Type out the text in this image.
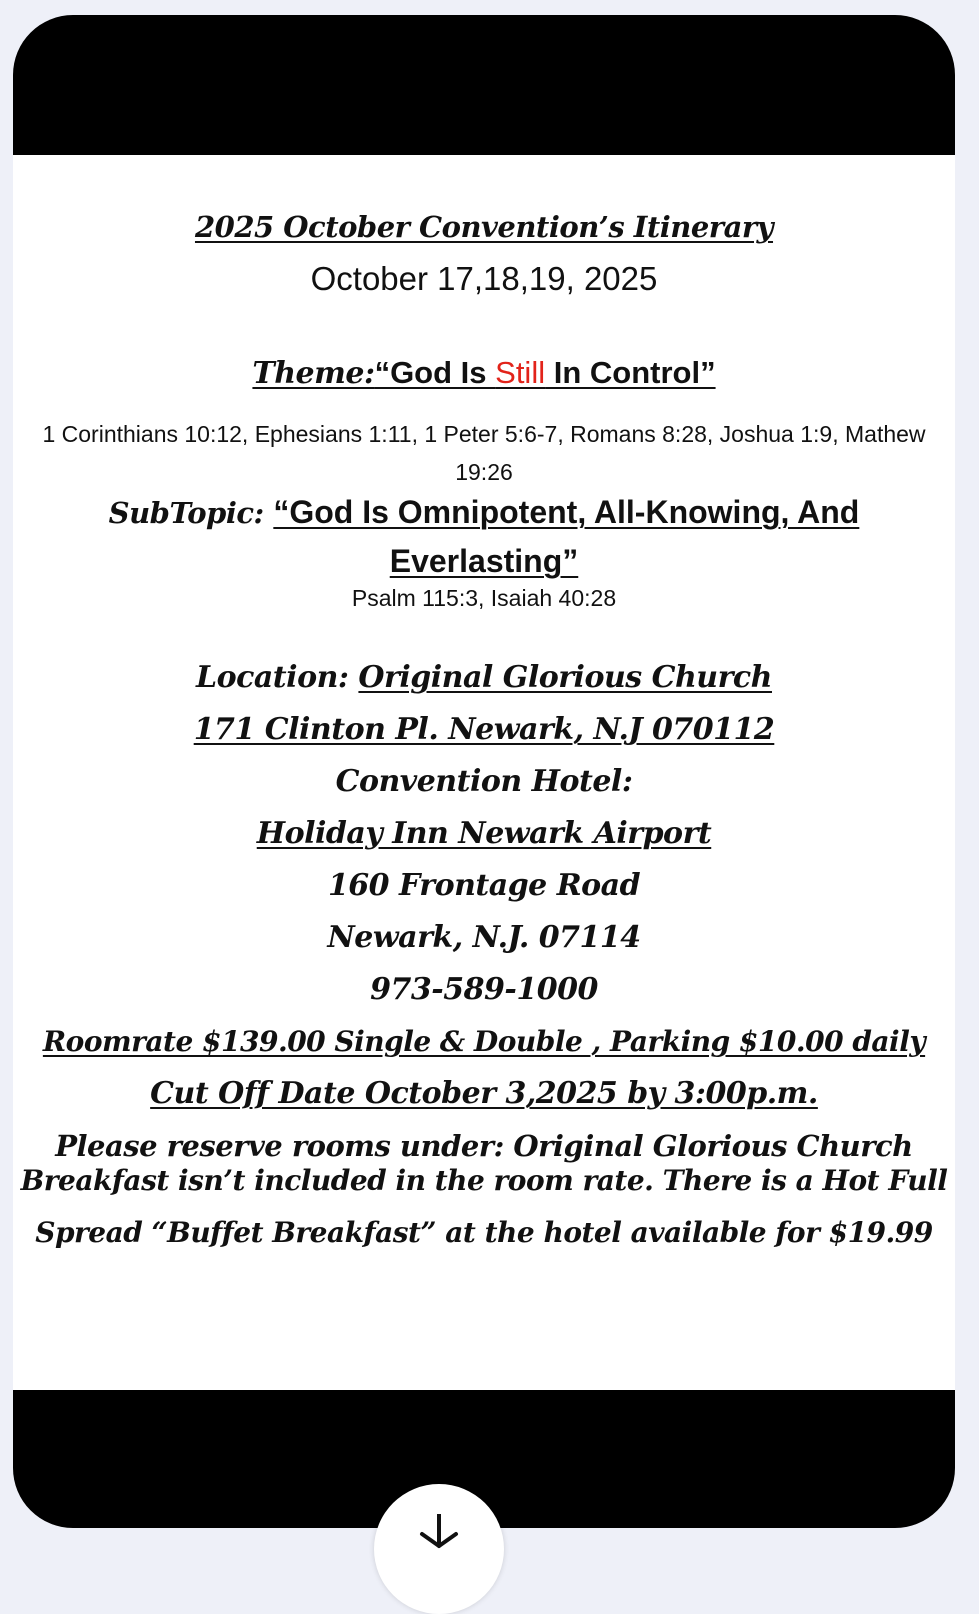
2025 October Convention’s Itinerary
October 17,18,19, 2025
Theme:“God Is Still In Control”
1 Corinthians 10:12, Ephesians 1:11, 1 Peter 5:6-7, Romans 8:28, Joshua 1:9, Mathew 19:26
SubTopic: “God Is Omnipotent, All-Knowing, And Everlasting”
Psalm 115:3, Isaiah 40:28
Location: Original Glorious Church
171 Clinton Pl. Newark, N.J 070112
Convention Hotel:
Holiday Inn Newark Airport
160 Frontage Road
Newark, N.J. 07114
973-589-1000
Roomrate $139.00 Single & Double , Parking $10.00 daily
Cut Off Date October 3,2025 by 3:00p.m.
Please reserve rooms under: Original Glorious Church
Breakfast isn’t included in the room rate. There is a Hot Full Spread “Buffet Breakfast” at the hotel available for $19.99
